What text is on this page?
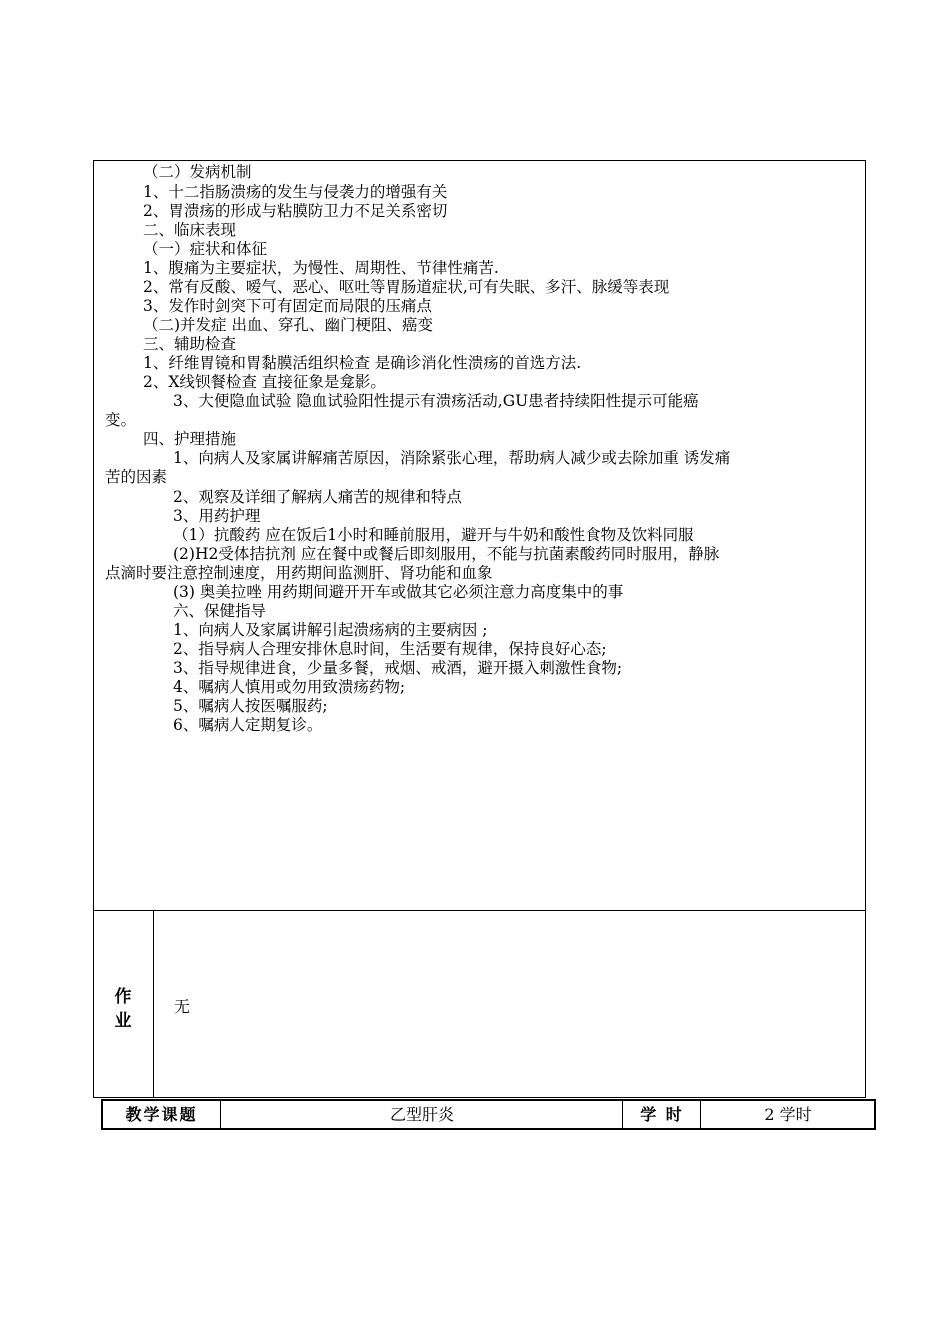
（二）发病机制
1、十二指肠溃疡的发生与侵袭力的增强有关
2、胃溃疡的形成与粘膜防卫力不足关系密切
二、临床表现
（一）症状和体征
1、腹痛为主要症状，为慢性、周期性、节律性痛苦.
2、常有反酸、嗳气、恶心、呕吐等胃肠道症状,可有失眠、多汗、脉缓等表现
3、发作时剑突下可有固定而局限的压痛点
（二)并发症 出血、穿孔、幽门梗阻、癌变
三、辅助检查
1、纤维胃镜和胃黏膜活组织检查 是确诊消化性溃疡的首选方法.
2、X线钡餐检查 直接征象是龛影。
3、大便隐血试验 隐血试验阳性提示有溃疡活动,GU患者持续阳性提示可能癌
变。
四、护理措施
1、向病人及家属讲解痛苦原因，消除紧张心理，帮助病人减少或去除加重 诱发痛
苦的因素
2、观察及详细了解病人痛苦的规律和特点
3、用药护理
（1）抗酸药 应在饭后1小时和睡前服用，避开与牛奶和酸性食物及饮料同服
(2)H2受体拮抗剂 应在餐中或餐后即刻服用，不能与抗菌素酸药同时服用，静脉
点滴时要注意控制速度，用药期间监测肝、肾功能和血象
(3) 奥美拉唑 用药期间避开开车或做其它必须注意力高度集中的事
六、保健指导
1、向病人及家属讲解引起溃疡病的主要病因 ;
2、指导病人合理安排休息时间，生活要有规律，保持良好心态;
3、指导规律进食，少量多餐，戒烟、戒酒，避开摄入刺激性食物;
4、嘱病人慎用或勿用致溃疡药物;
5、嘱病人按医嘱服药;
6、嘱病人定期复诊。
作
业
无
教学课题	乙型肝炎	学 时	2 学时
